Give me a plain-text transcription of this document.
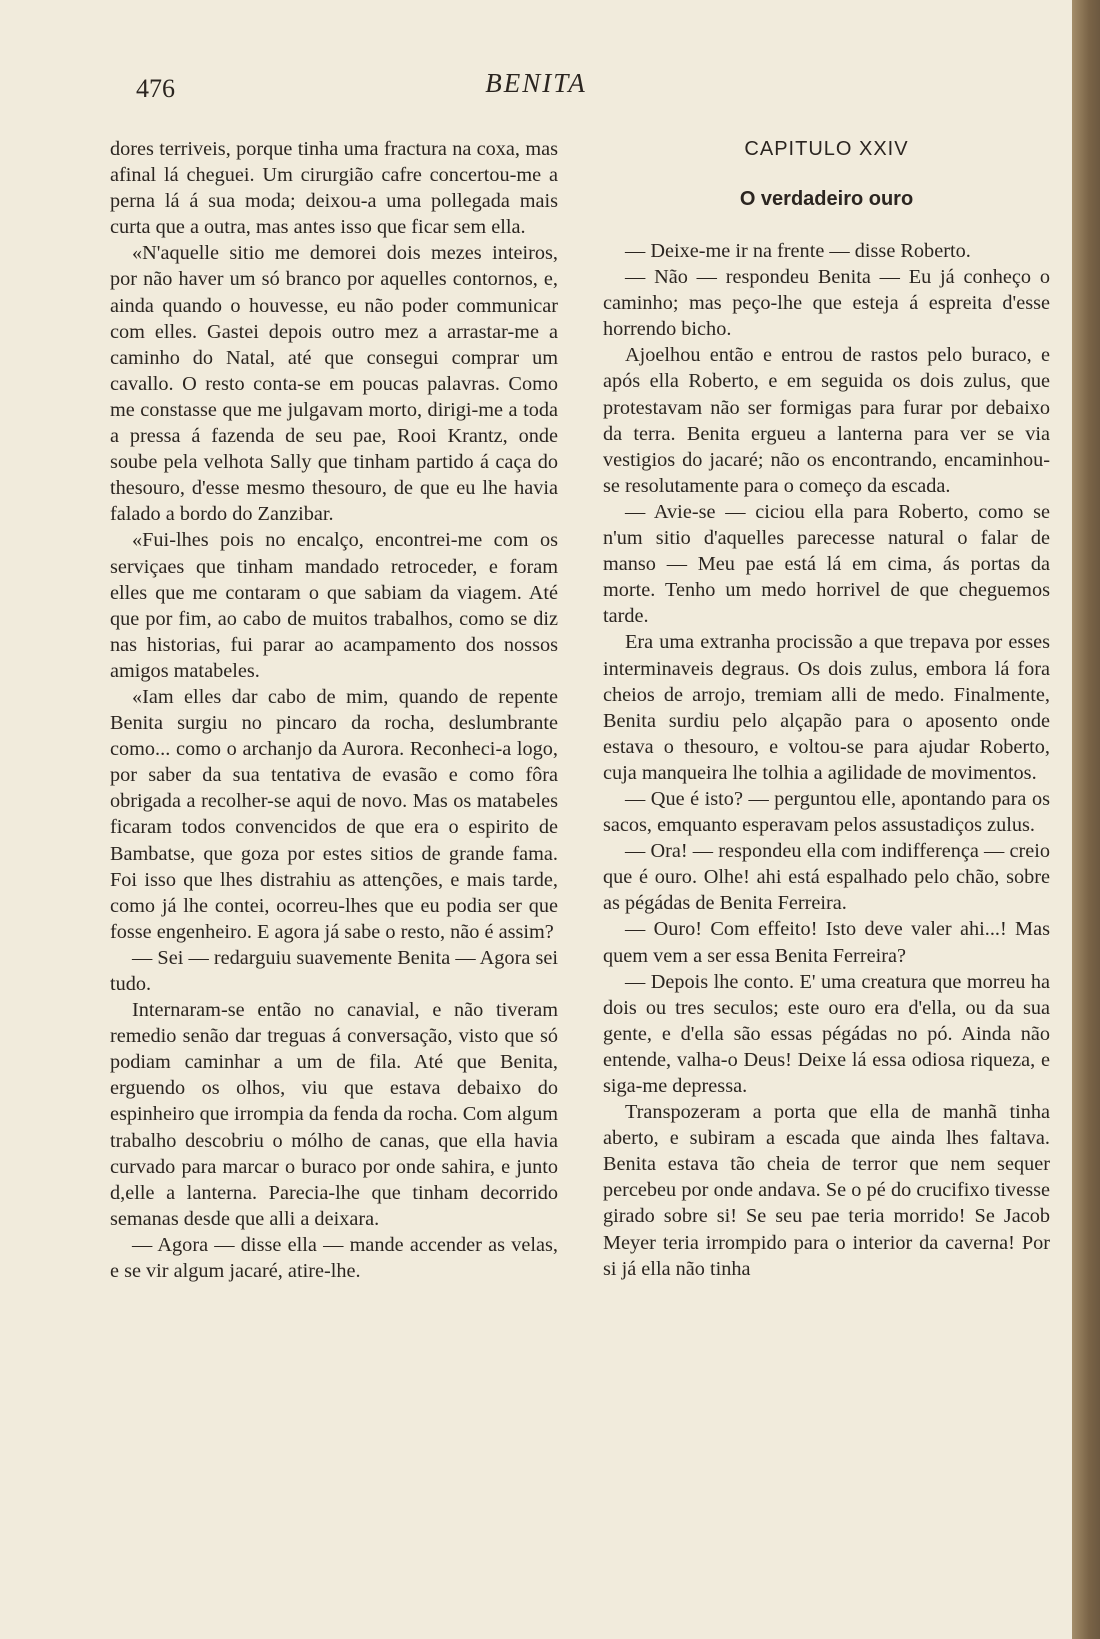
476	BENITA

dores terriveis, porque tinha uma fractura na coxa, mas afinal lá cheguei. Um cirurgião cafre concertou-me a perna lá á sua moda; deixou-a uma pollegada mais curta que a outra, mas antes isso que ficar sem ella.

«N'aquelle sitio me demorei dois mezes inteiros, por não haver um só branco por aquelles contornos, e, ainda quando o houvesse, eu não poder communicar com elles. Gastei depois outro mez a arrastar-me a caminho do Natal, até que consegui comprar um cavallo. O resto conta-se em poucas palavras. Como me constasse que me julgavam morto, dirigi-me a toda a pressa á fazenda de seu pae, Rooi Krantz, onde soube pela velhota Sally que tinham partido á caça do thesouro, d'esse mesmo thesouro, de que eu lhe havia falado a bordo do Zanzibar.

«Fui-lhes pois no encalço, encontrei-me com os serviçaes que tinham mandado retroceder, e foram elles que me contaram o que sabiam da viagem. Até que por fim, ao cabo de muitos trabalhos, como se diz nas historias, fui parar ao acampamento dos nossos amigos matabeles.

«Iam elles dar cabo de mim, quando de repente Benita surgiu no pincaro da rocha, deslumbrante como... como o archanjo da Aurora. Reconheci-a logo, por saber da sua tentativa de evasão e como fôra obrigada a recolher-se aqui de novo. Mas os matabeles ficaram todos convencidos de que era o espirito de Bambatse, que goza por estes sitios de grande fama. Foi isso que lhes distrahiu as attenções, e mais tarde, como já lhe contei, ocorreu-lhes que eu podia ser que fosse engenheiro. E agora já sabe o resto, não é assim?

— Sei — redarguiu suavemente Benita — Agora sei tudo.

Internaram-se então no canavial, e não tiveram remedio senão dar treguas á conversação, visto que só podiam caminhar a um de fila. Até que Benita, erguendo os olhos, viu que estava debaixo do espinheiro que irrompia da fenda da rocha. Com algum trabalho descobriu o mólho de canas, que ella havia curvado para marcar o buraco por onde sahira, e junto d,elle a lanterna. Parecia-lhe que tinham decorrido semanas desde que alli a deixara.

— Agora — disse ella — mande accender as velas, e se vir algum jacaré, atire-lhe.

CAPITULO XXIV
O verdadeiro ouro

— Deixe-me ir na frente — disse Roberto.

— Não — respondeu Benita — Eu já conheço o caminho; mas peço-lhe que esteja á espreita d'esse horrendo bicho.

Ajoelhou então e entrou de rastos pelo buraco, e após ella Roberto, e em seguida os dois zulus, que protestavam não ser formigas para furar por debaixo da terra. Benita ergueu a lanterna para ver se via vestigios do jacaré; não os encontrando, encaminhou-se resolutamente para o começo da escada.

— Avie-se — ciciou ella para Roberto, como se n'um sitio d'aquelles parecesse natural o falar de manso — Meu pae está lá em cima, ás portas da morte. Tenho um medo horrivel de que cheguemos tarde.

Era uma extranha procissão a que trepava por esses interminaveis degraus. Os dois zulus, embora lá fora cheios de arrojo, tremiam alli de medo. Finalmente, Benita surdiu pelo alçapão para o aposento onde estava o thesouro, e voltou-se para ajudar Roberto, cuja manqueira lhe tolhia a agilidade de movimentos.

— Que é isto? — perguntou elle, apontando para os sacos, emquanto esperavam pelos assustadiços zulus.

— Ora! — respondeu ella com indifferença — creio que é ouro. Olhe! ahi está espalhado pelo chão, sobre as pégádas de Benita Ferreira.

— Ouro! Com effeito! Isto deve valer ahi...! Mas quem vem a ser essa Benita Ferreira?

— Depois lhe conto. E' uma creatura que morreu ha dois ou tres seculos; este ouro era d'ella, ou da sua gente, e d'ella são essas pégádas no pó. Ainda não entende, valha-o Deus! Deixe lá essa odiosa riqueza, e siga-me depressa.

Transpozeram a porta que ella de manhã tinha aberto, e subiram a escada que ainda lhes faltava. Benita estava tão cheia de terror que nem sequer percebeu por onde andava. Se o pé do crucifixo tivesse girado sobre si! Se seu pae teria morrido! Se Jacob Meyer teria irrompido para o interior da caverna! Por si já ella não tinha
